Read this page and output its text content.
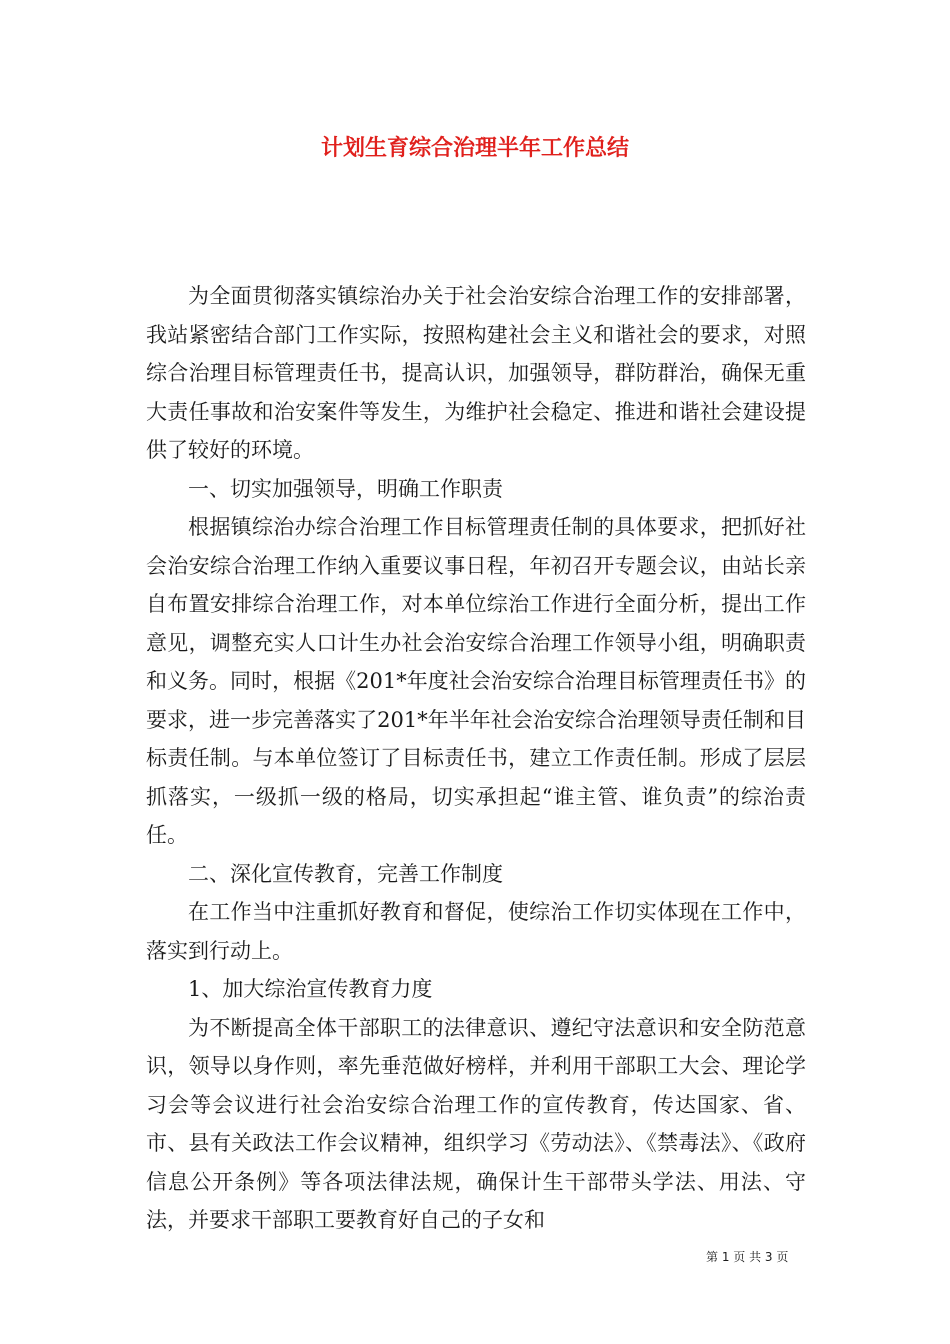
计划生育综合治理半年工作总结

为全面贯彻落实镇综治办关于社会治安综合治理工作的安排部署，我站紧密结合部门工作实际，按照构建社会主义和谐社会的要求，对照综合治理目标管理责任书，提高认识，加强领导，群防群治，确保无重大责任事故和治安案件等发生，为维护社会稳定、推进和谐社会建设提供了较好的环境。

一、切实加强领导，明确工作职责

根据镇综治办综合治理工作目标管理责任制的具体要求，把抓好社会治安综合治理工作纳入重要议事日程，年初召开专题会议，由站长亲自布置安排综合治理工作，对本单位综治工作进行全面分析，提出工作意见，调整充实人口计生办社会治安综合治理工作领导小组，明确职责和义务。同时，根据《201*年度社会治安综合治理目标管理责任书》的要求，进一步完善落实了201*年半年社会治安综合治理领导责任制和目标责任制。与本单位签订了目标责任书，建立工作责任制。形成了层层抓落实，一级抓一级的格局，切实承担起“谁主管、谁负责”的综治责任。

二、深化宣传教育，完善工作制度

在工作当中注重抓好教育和督促，使综治工作切实体现在工作中，落实到行动上。

1、加大综治宣传教育力度

为不断提高全体干部职工的法律意识、遵纪守法意识和安全防范意识，领导以身作则，率先垂范做好榜样，并利用干部职工大会、理论学习会等会议进行社会治安综合治理工作的宣传教育，传达国家、省、市、县有关政法工作会议精神，组织学习《劳动法》、《禁毒法》、《政府信息公开条例》等各项法律法规，确保计生干部带头学法、用法、守法，并要求干部职工要教育好自己的子女和

第 1 页 共 3 页
